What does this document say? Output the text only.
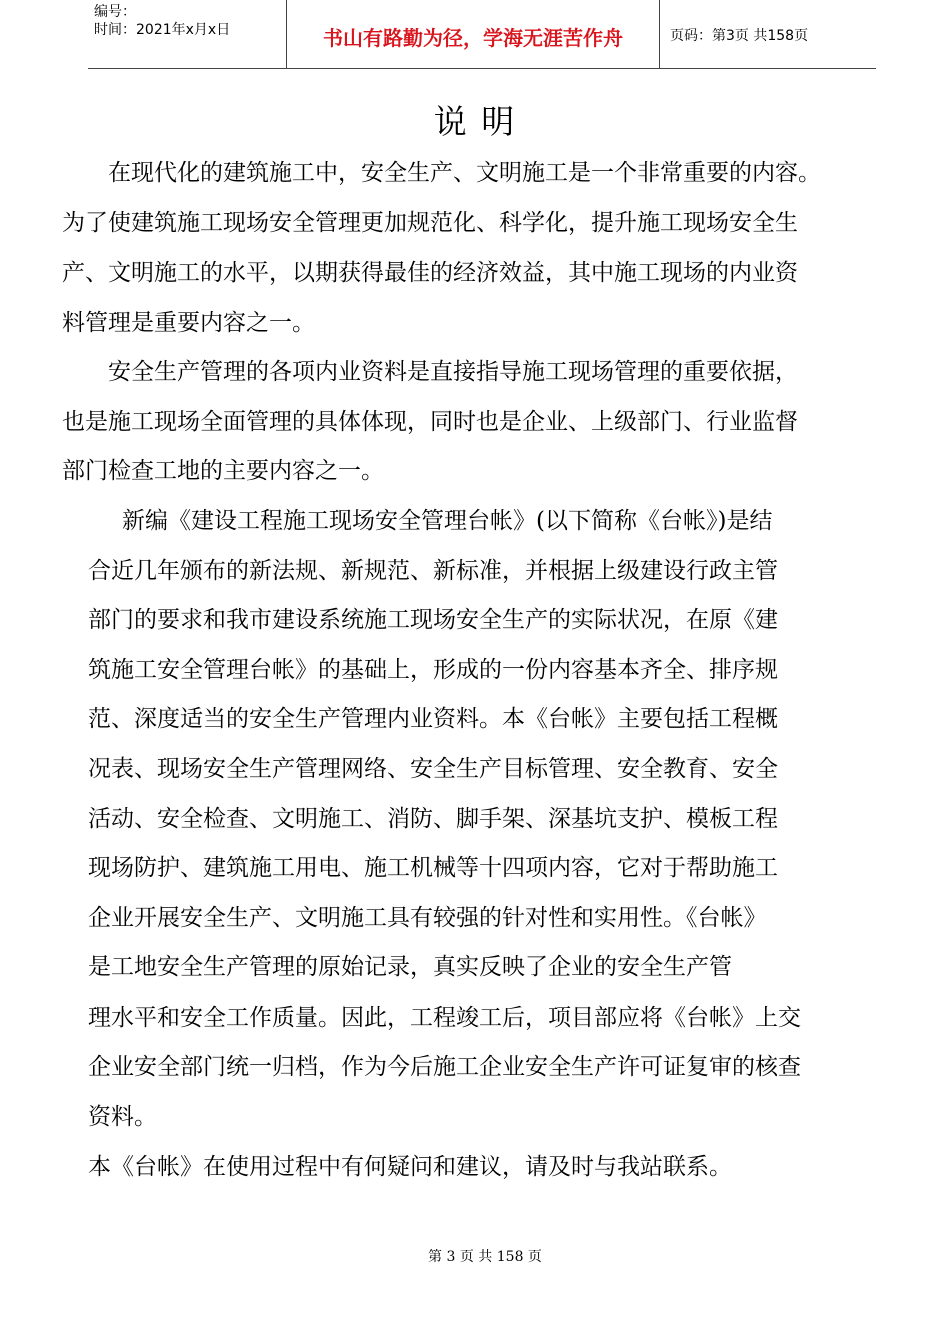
编号：
时间：2021年x月x日	书山有路勤为径，学海无涯苦作舟	页码：第3页 共158页
说 明
在现代化的建筑施工中，安全生产、文明施工是一个非常重要的内容。
为了使建筑施工现场安全管理更加规范化、科学化，提升施工现场安全生
产、文明施工的水平，以期获得最佳的经济效益，其中施工现场的内业资
料管理是重要内容之一。
安全生产管理的各项内业资料是直接指导施工现场管理的重要依据，
也是施工现场全面管理的具体体现，同时也是企业、上级部门、行业监督
部门检查工地的主要内容之一。
新编《建设工程施工现场安全管理台帐》(以下简称《台帐》)是结
合近几年颁布的新法规、新规范、新标准，并根据上级建设行政主管
部门的要求和我市建设系统施工现场安全生产的实际状况，在原《建
筑施工安全管理台帐》的基础上，形成的一份内容基本齐全、排序规
范、深度适当的安全生产管理内业资料。本《台帐》主要包括工程概
况表、现场安全生产管理网络、安全生产目标管理、安全教育、安全
活动、安全检查、文明施工、消防、脚手架、深基坑支护、模板工程
现场防护、建筑施工用电、施工机械等十四项内容，它对于帮助施工
企业开展安全生产、文明施工具有较强的针对性和实用性。《台帐》
是工地安全生产管理的原始记录，真实反映了企业的安全生产管
理水平和安全工作质量。因此，工程竣工后，项目部应将《台帐》上交
企业安全部门统一归档，作为今后施工企业安全生产许可证复审的核查
资料。
本《台帐》在使用过程中有何疑问和建议，请及时与我站联系。
第 3 页 共 158 页
